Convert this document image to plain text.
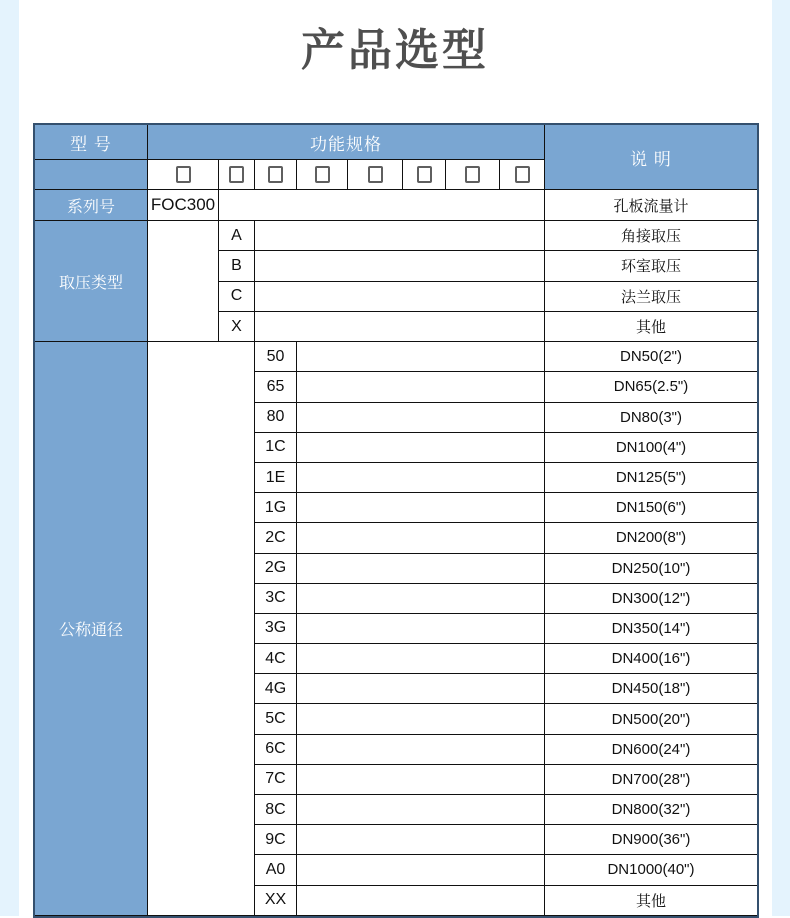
产品选型
型 号	功能规格
说 明
系列号	FOC300	孔板流量计
取压类型
A	角接取压
B	环室取压
C	法兰取压
X	其他
公称通径
50	DN50(2")
65	DN65(2.5")
80	DN80(3")
1C	DN100(4")
1E	DN125(5")
1G	DN150(6")
2C	DN200(8")
2G	DN250(10")
3C	DN300(12")
3G	DN350(14")
4C	DN400(16")
4G	DN450(18")
5C	DN500(20")
6C	DN600(24")
7C	DN700(28")
8C	DN800(32")
9C	DN900(36")
A0	DN1000(40")
XX	其他
